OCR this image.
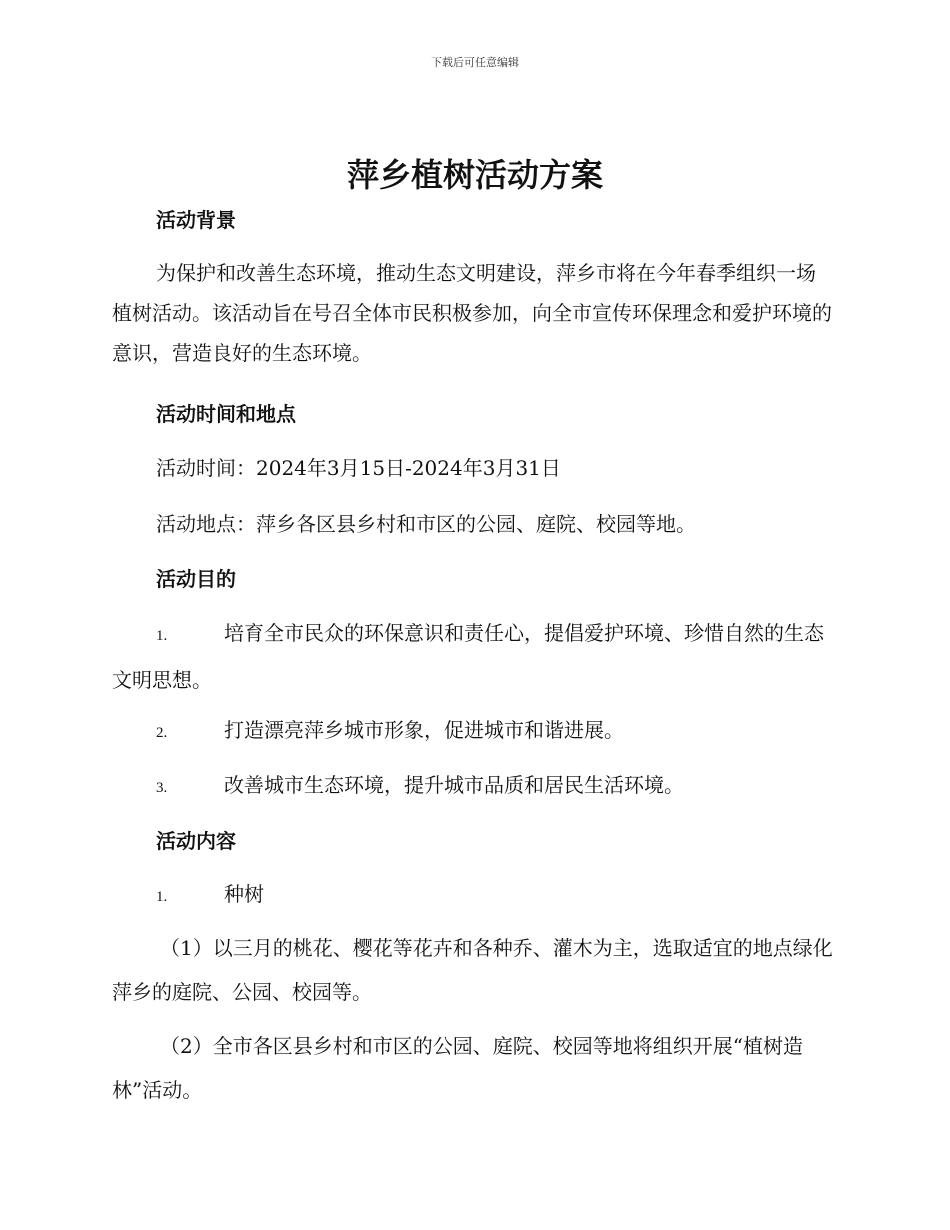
下载后可任意编辑
萍乡植树活动方案
活动背景
为保护和改善生态环境，推动生态文明建设，萍乡市将在今年春季组织一场植树活动。该活动旨在号召全体市民积极参加，向全市宣传环保理念和爱护环境的意识，营造良好的生态环境。
活动时间和地点
活动时间：2024年3月15日-2024年3月31日
活动地点：萍乡各区县乡村和市区的公园、庭院、校园等地。
活动目的
1.	培育全市民众的环保意识和责任心，提倡爱护环境、珍惜自然的生态文明思想。
2.	打造漂亮萍乡城市形象，促进城市和谐进展。
3.	改善城市生态环境，提升城市品质和居民生活环境。
活动内容
1.	种树
（1）以三月的桃花、樱花等花卉和各种乔、灌木为主，选取适宜的地点绿化萍乡的庭院、公园、校园等。
（2）全市各区县乡村和市区的公园、庭院、校园等地将组织开展“植树造林”活动。
